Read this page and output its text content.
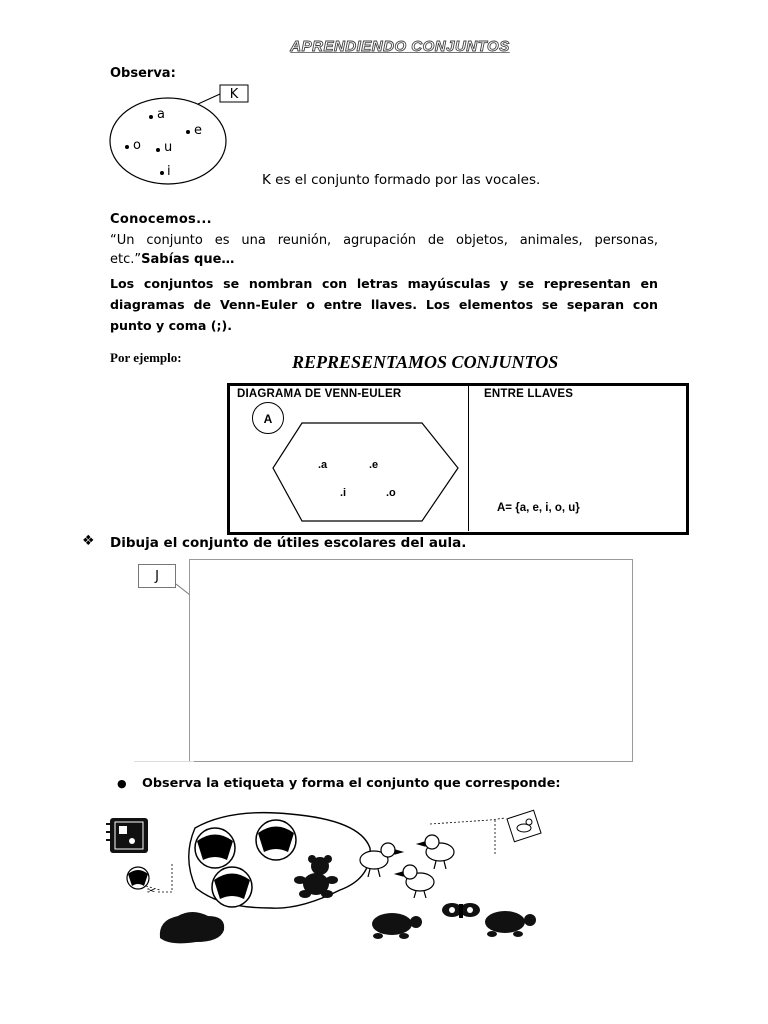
APRENDIENDO CONJUNTOS
Observa:
K
a
e
o u
i
K es el conjunto formado por las vocales.
Conocemos...
“Un conjunto es una reunión, agrupación de objetos, animales, personas,
etc.”Sabías que…
Los conjuntos se nombran con letras mayúsculas y se representan en diagramas de Venn-Euler o entre llaves. Los elementos se separan con punto y coma (;).
Por ejemplo:	REPRESENTAMOS CONJUNTOS
DIAGRAMA DE VENN-EULER	ENTRE LLAVES
A
.a	.e
.i	.o
A= {a, e, i, o, u}
❖ Dibuja el conjunto de útiles escolares del aula.
J
● Observa la etiqueta y forma el conjunto que corresponde:
✂
